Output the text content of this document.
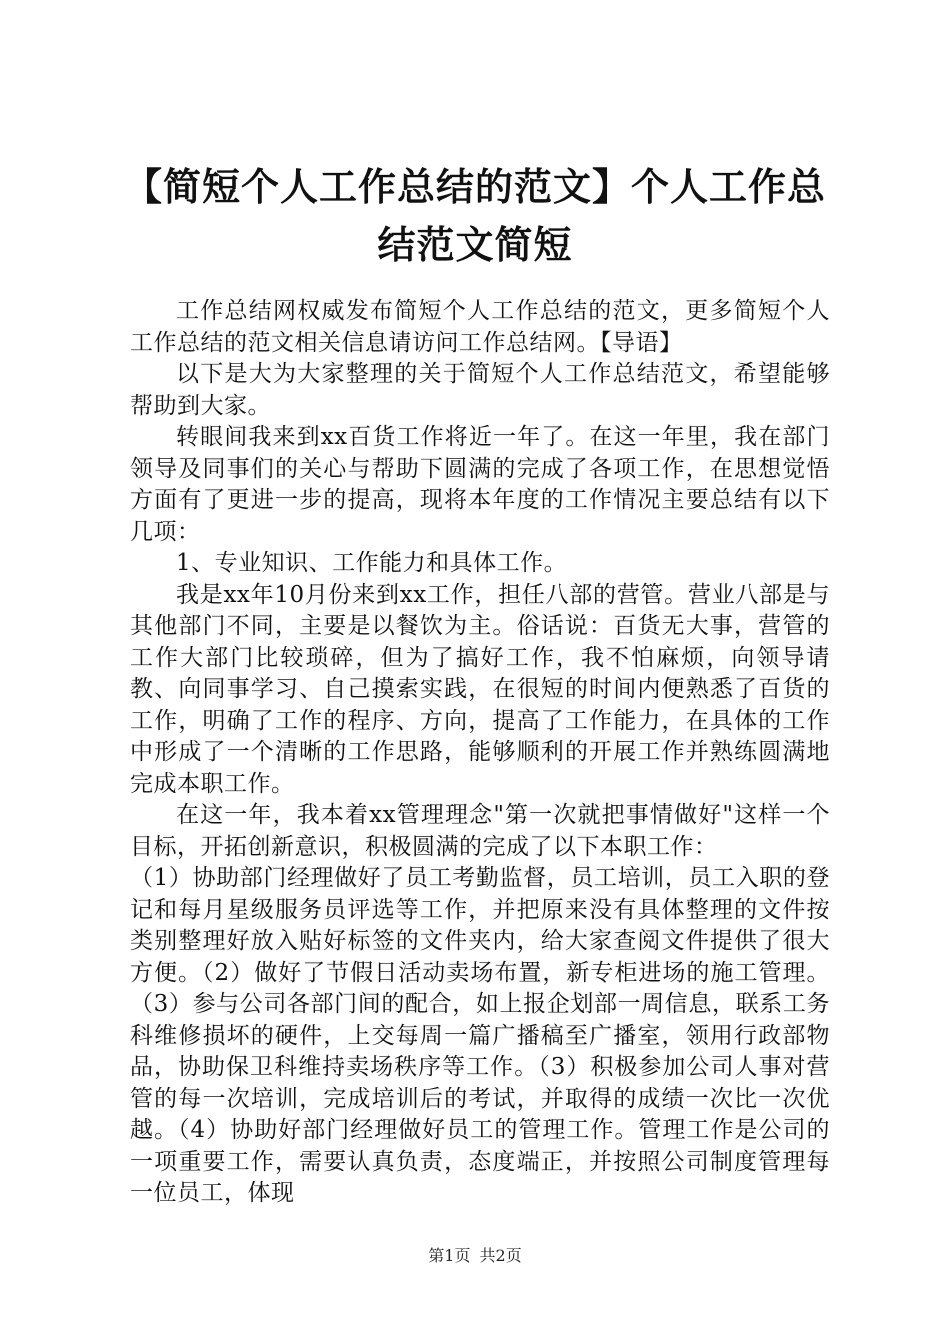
【简短个人工作总结的范文】个人工作总结范文简短

工作总结网权威发布简短个人工作总结的范文，更多简短个人工作总结的范文相关信息请访问工作总结网。【导语】

以下是大为大家整理的关于简短个人工作总结范文，希望能够帮助到大家。

转眼间我来到xx百货工作将近一年了。在这一年里，我在部门领导及同事们的关心与帮助下圆满的完成了各项工作，在思想觉悟方面有了更进一步的提高，现将本年度的工作情况主要总结有以下几项：

1、专业知识、工作能力和具体工作。

我是xx年10月份来到xx工作，担任八部的营管。营业八部是与其他部门不同，主要是以餐饮为主。俗话说：百货无大事，营管的工作大部门比较琐碎，但为了搞好工作，我不怕麻烦，向领导请教、向同事学习、自己摸索实践，在很短的时间内便熟悉了百货的工作，明确了工作的程序、方向，提高了工作能力，在具体的工作中形成了一个清晰的工作思路，能够顺利的开展工作并熟练圆满地完成本职工作。

在这一年，我本着xx管理理念"第一次就把事情做好"这样一个目标，开拓创新意识，积极圆满的完成了以下本职工作：

（1）协助部门经理做好了员工考勤监督，员工培训，员工入职的登记和每月星级服务员评选等工作，并把原来没有具体整理的文件按类别整理好放入贴好标签的文件夹内，给大家查阅文件提供了很大方便。（2）做好了节假日活动卖场布置，新专柜进场的施工管理。（3）参与公司各部门间的配合，如上报企划部一周信息，联系工务科维修损坏的硬件，上交每周一篇广播稿至广播室，领用行政部物品，协助保卫科维持卖场秩序等工作。（3）积极参加公司人事对营管的每一次培训，完成培训后的考试，并取得的成绩一次比一次优越。（4）协助好部门经理做好员工的管理工作。管理工作是公司的一项重要工作，需要认真负责，态度端正，并按照公司制度管理每一位员工，体现

第1页 共2页
